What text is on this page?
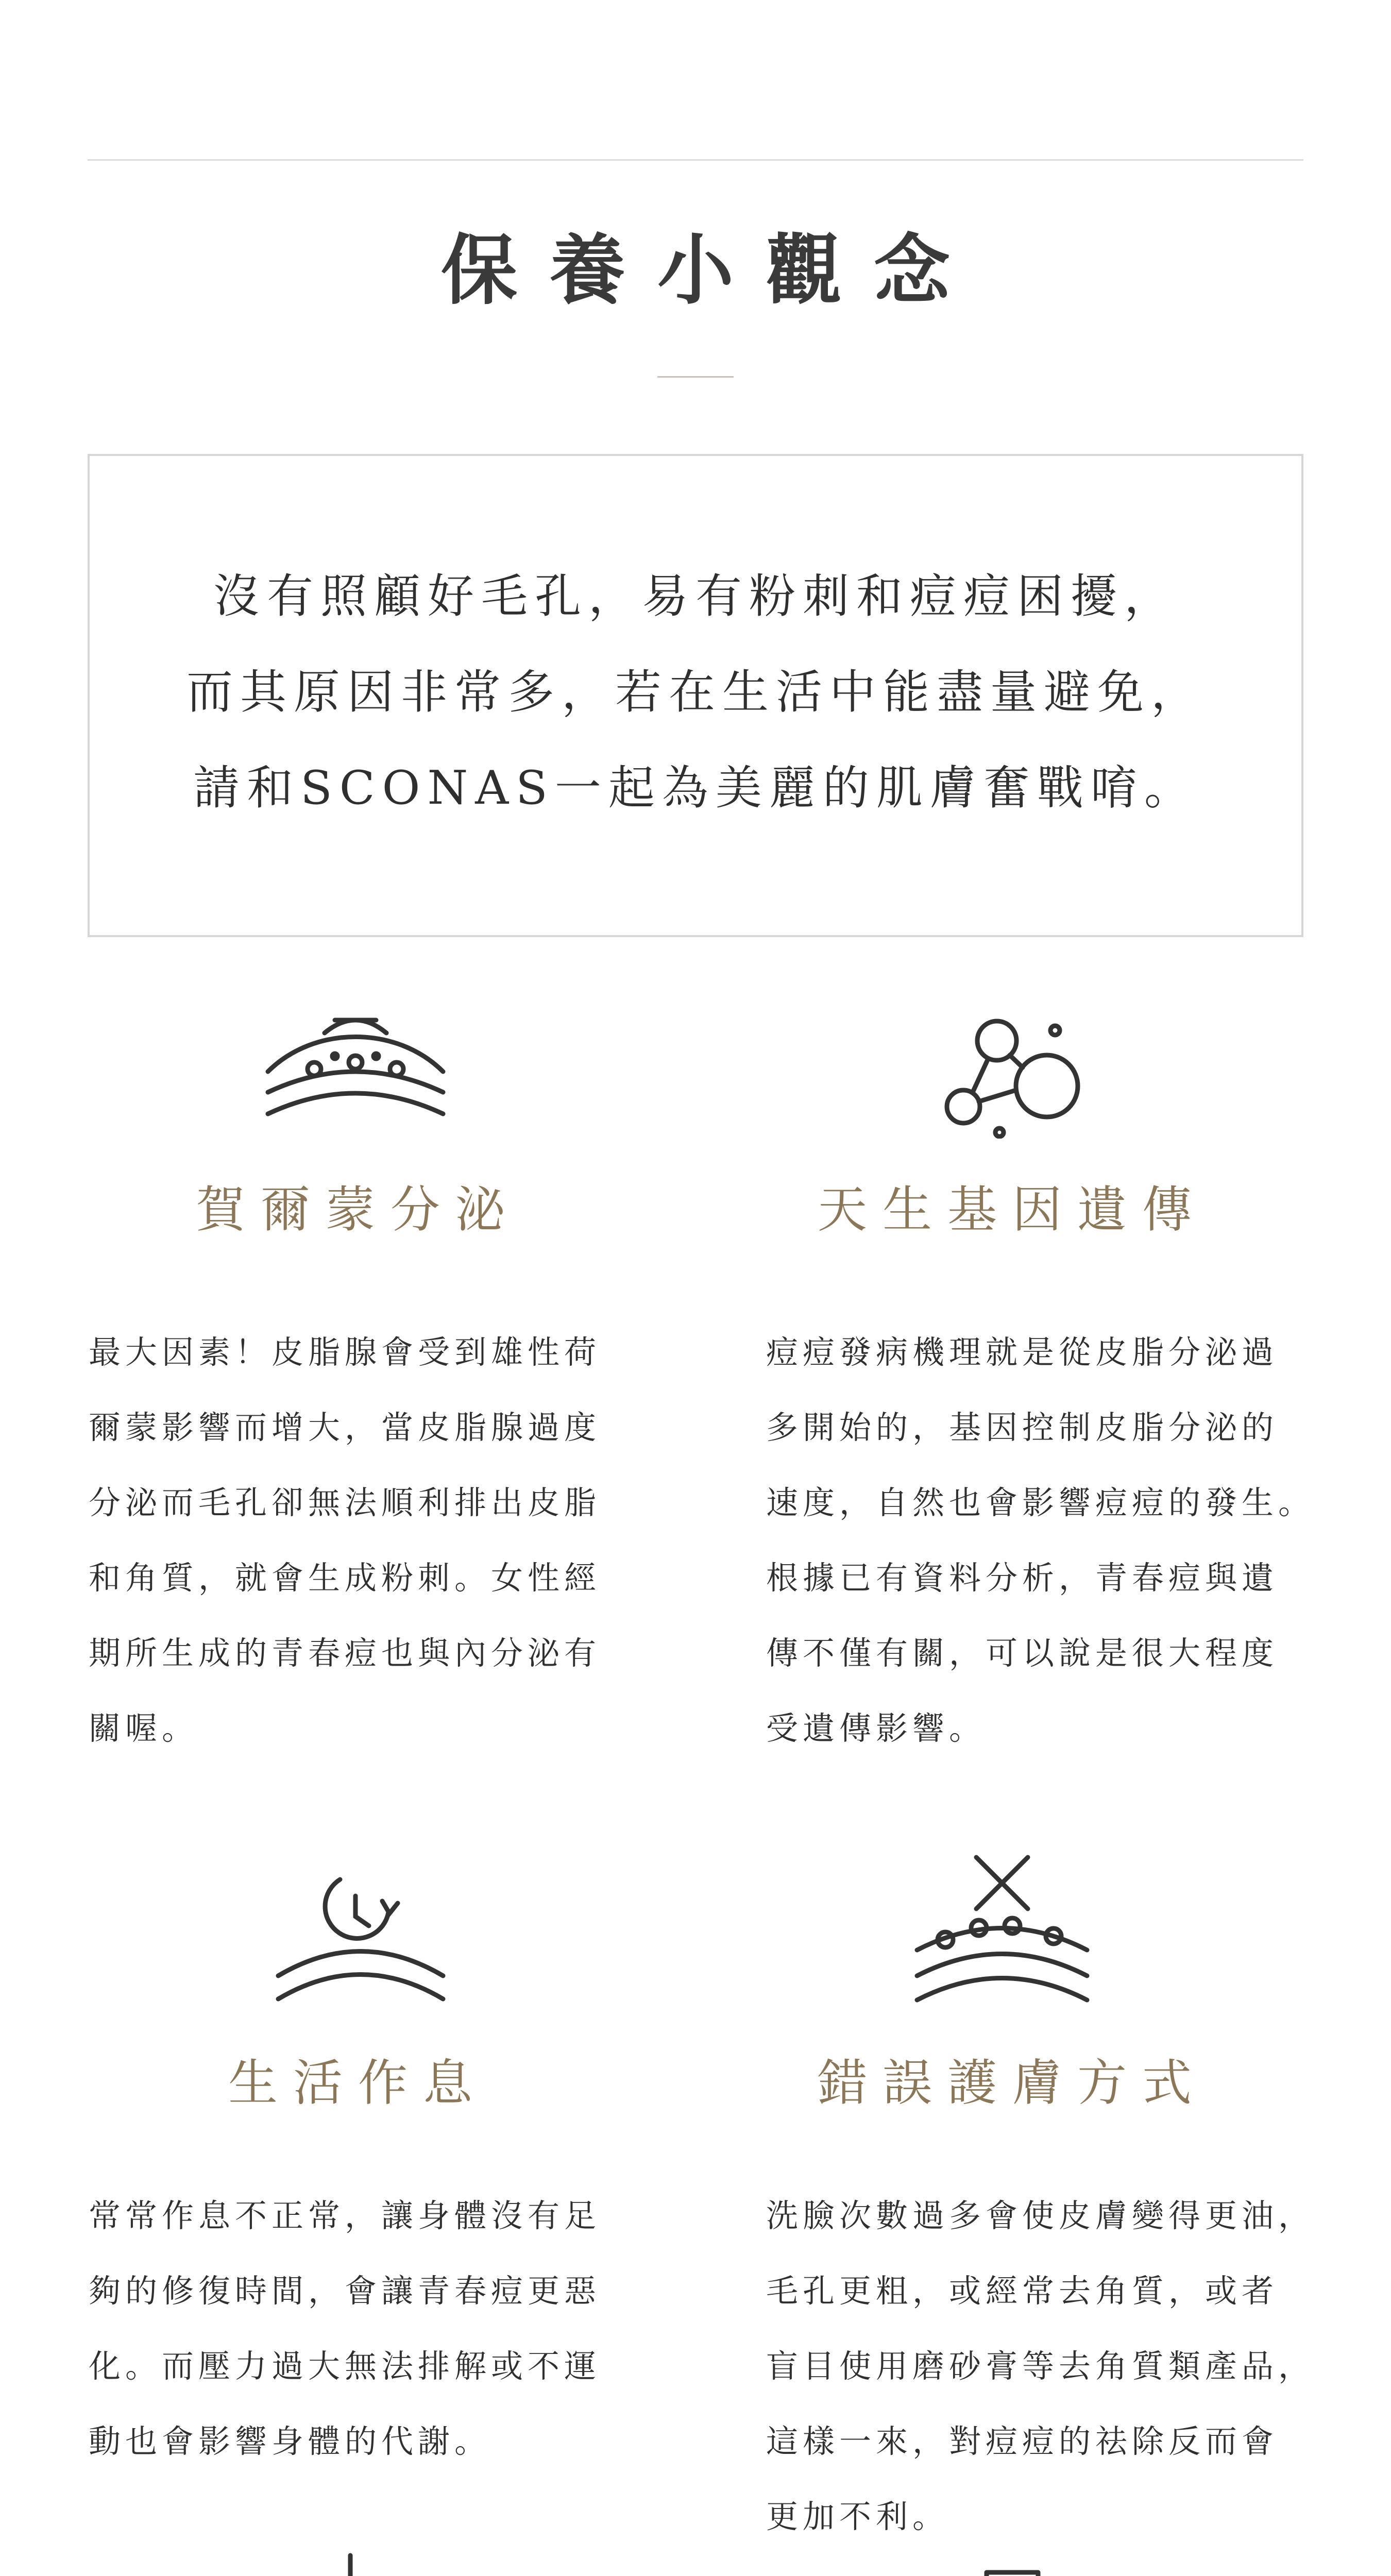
保養小觀念
沒有照顧好毛孔，易有粉刺和痘痘困擾，
而其原因非常多，若在生活中能盡量避免，
請和SCONAS一起為美麗的肌膚奮戰唷。
賀爾蒙分泌
最大因素！皮脂腺會受到雄性荷
爾蒙影響而增大，當皮脂腺過度
分泌而毛孔卻無法順利排出皮脂
和角質，就會生成粉刺。女性經
期所生成的青春痘也與內分泌有
關喔。
天生基因遺傳
痘痘發病機理就是從皮脂分泌過
多開始的，基因控制皮脂分泌的
速度，自然也會影響痘痘的發生。
根據已有資料分析，青春痘與遺
傳不僅有關，可以說是很大程度
受遺傳影響。
生活作息
常常作息不正常，讓身體沒有足
夠的修復時間，會讓青春痘更惡
化。而壓力過大無法排解或不運
動也會影響身體的代謝。
錯誤護膚方式
洗臉次數過多會使皮膚變得更油，
毛孔更粗，或經常去角質，或者
盲目使用磨砂膏等去角質類產品，
這樣一來，對痘痘的祛除反而會
更加不利。
